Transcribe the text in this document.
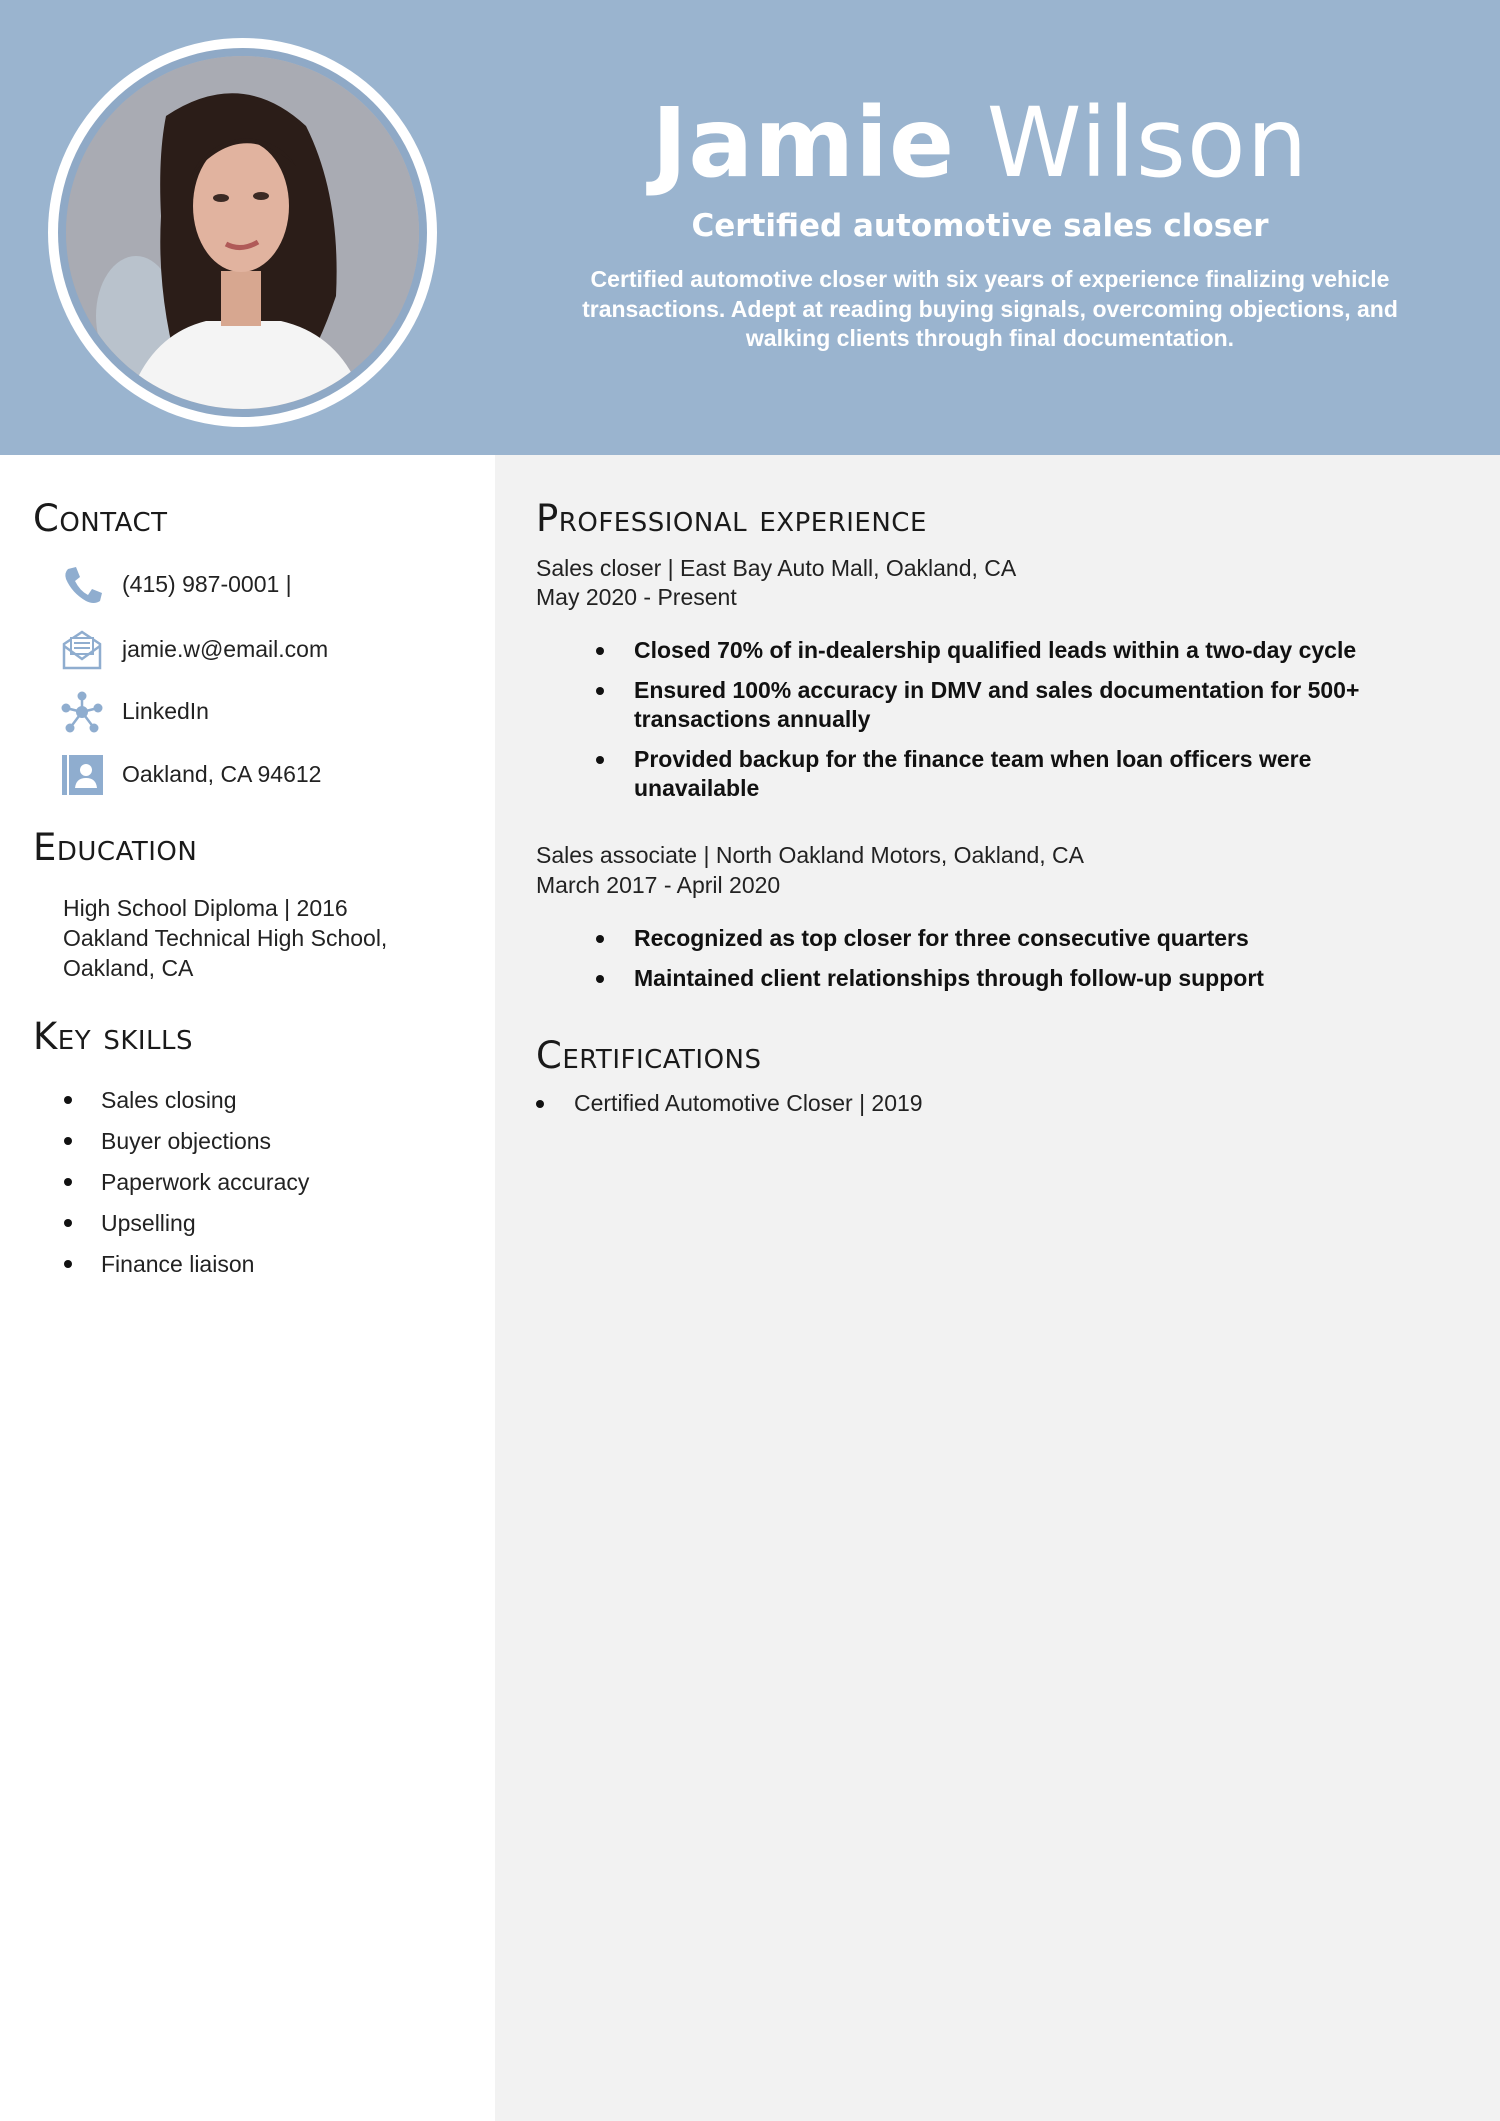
Jamie Wilson
Certified automotive sales closer
Certified automotive closer with six years of experience finalizing vehicle transactions. Adept at reading buying signals, overcoming objections, and walking clients through final documentation.
Contact
(415) 987-0001 |
jamie.w@email.com
LinkedIn
Oakland, CA 94612
Education
High School Diploma | 2016
Oakland Technical High School,
Oakland, CA
Key skills
Sales closing
Buyer objections
Paperwork accuracy
Upselling
Finance liaison
Professional experience
Sales closer | East Bay Auto Mall, Oakland, CA
May 2020 - Present
Closed 70% of in-dealership qualified leads within a two-day cycle
Ensured 100% accuracy in DMV and sales documentation for 500+ transactions annually
Provided backup for the finance team when loan officers were unavailable
Sales associate | North Oakland Motors, Oakland, CA
March 2017 - April 2020
Recognized as top closer for three consecutive quarters
Maintained client relationships through follow-up support
Certifications
Certified Automotive Closer | 2019
